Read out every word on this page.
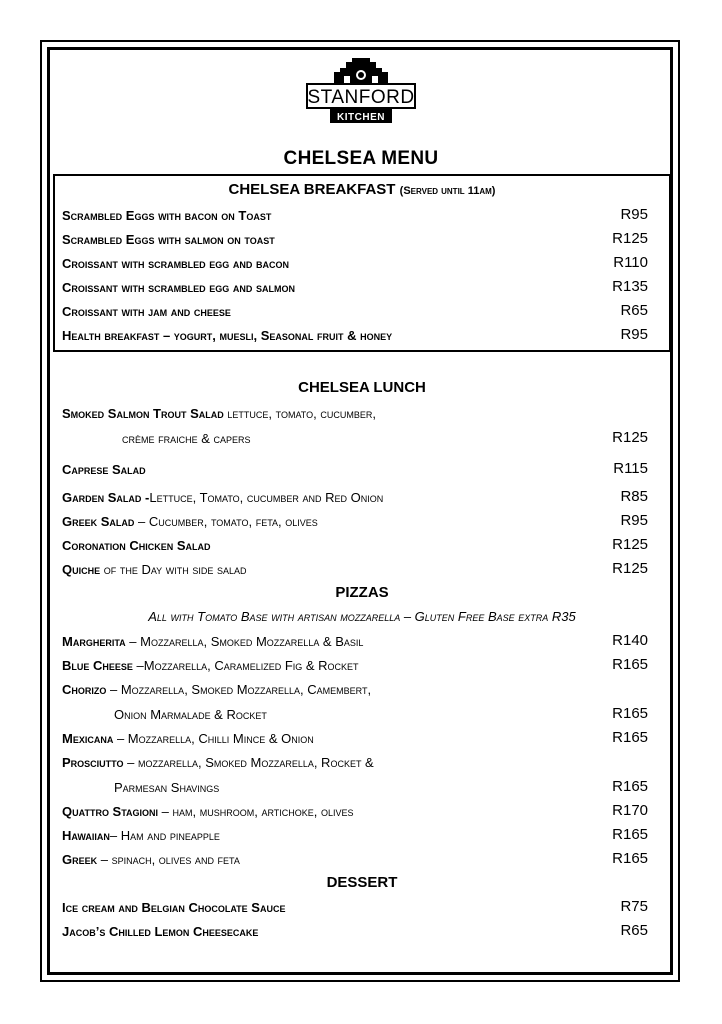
STANFORD
KITCHEN
CHELSEA MENU
CHELSEA BREAKFAST (Served until 11am)
Scrambled Eggs with bacon on Toast	R95
Scrambled Eggs with salmon on toast	R125
Croissant with scrambled egg and bacon	R110
Croissant with scrambled egg and salmon	R135
Croissant with jam and cheese	R65
Health breakfast – yogurt, muesli, Seasonal fruit & honey	R95
CHELSEA LUNCH
Smoked Salmon Trout Salad lettuce, tomato, cucumber,
crème fraiche & capers	R125
Caprese Salad	R115
Garden Salad -Lettuce, Tomato, cucumber and Red Onion	R85
Greek Salad – Cucumber, tomato, feta, olives	R95
Coronation Chicken Salad	R125
Quiche of the Day with side salad	R125
PIZZAS
All with Tomato Base with artisan mozzarella – Gluten Free Base extra R35
Margherita – Mozzarella, Smoked Mozzarella & Basil	R140
Blue Cheese –Mozzarella, Caramelized Fig & Rocket	R165
Chorizo – Mozzarella, Smoked Mozzarella, Camembert,
Onion Marmalade & Rocket	R165
Mexicana – Mozzarella, Chilli Mince & Onion	R165
Prosciutto – mozzarella, Smoked Mozzarella, Rocket &
Parmesan Shavings	R165
Quattro Stagioni – ham, mushroom, artichoke, olives	R170
Hawaiian– Ham and pineapple	R165
Greek – spinach, olives and feta	R165
DESSERT
Ice cream and Belgian Chocolate Sauce	R75
Jacob’s Chilled Lemon Cheesecake	R65
